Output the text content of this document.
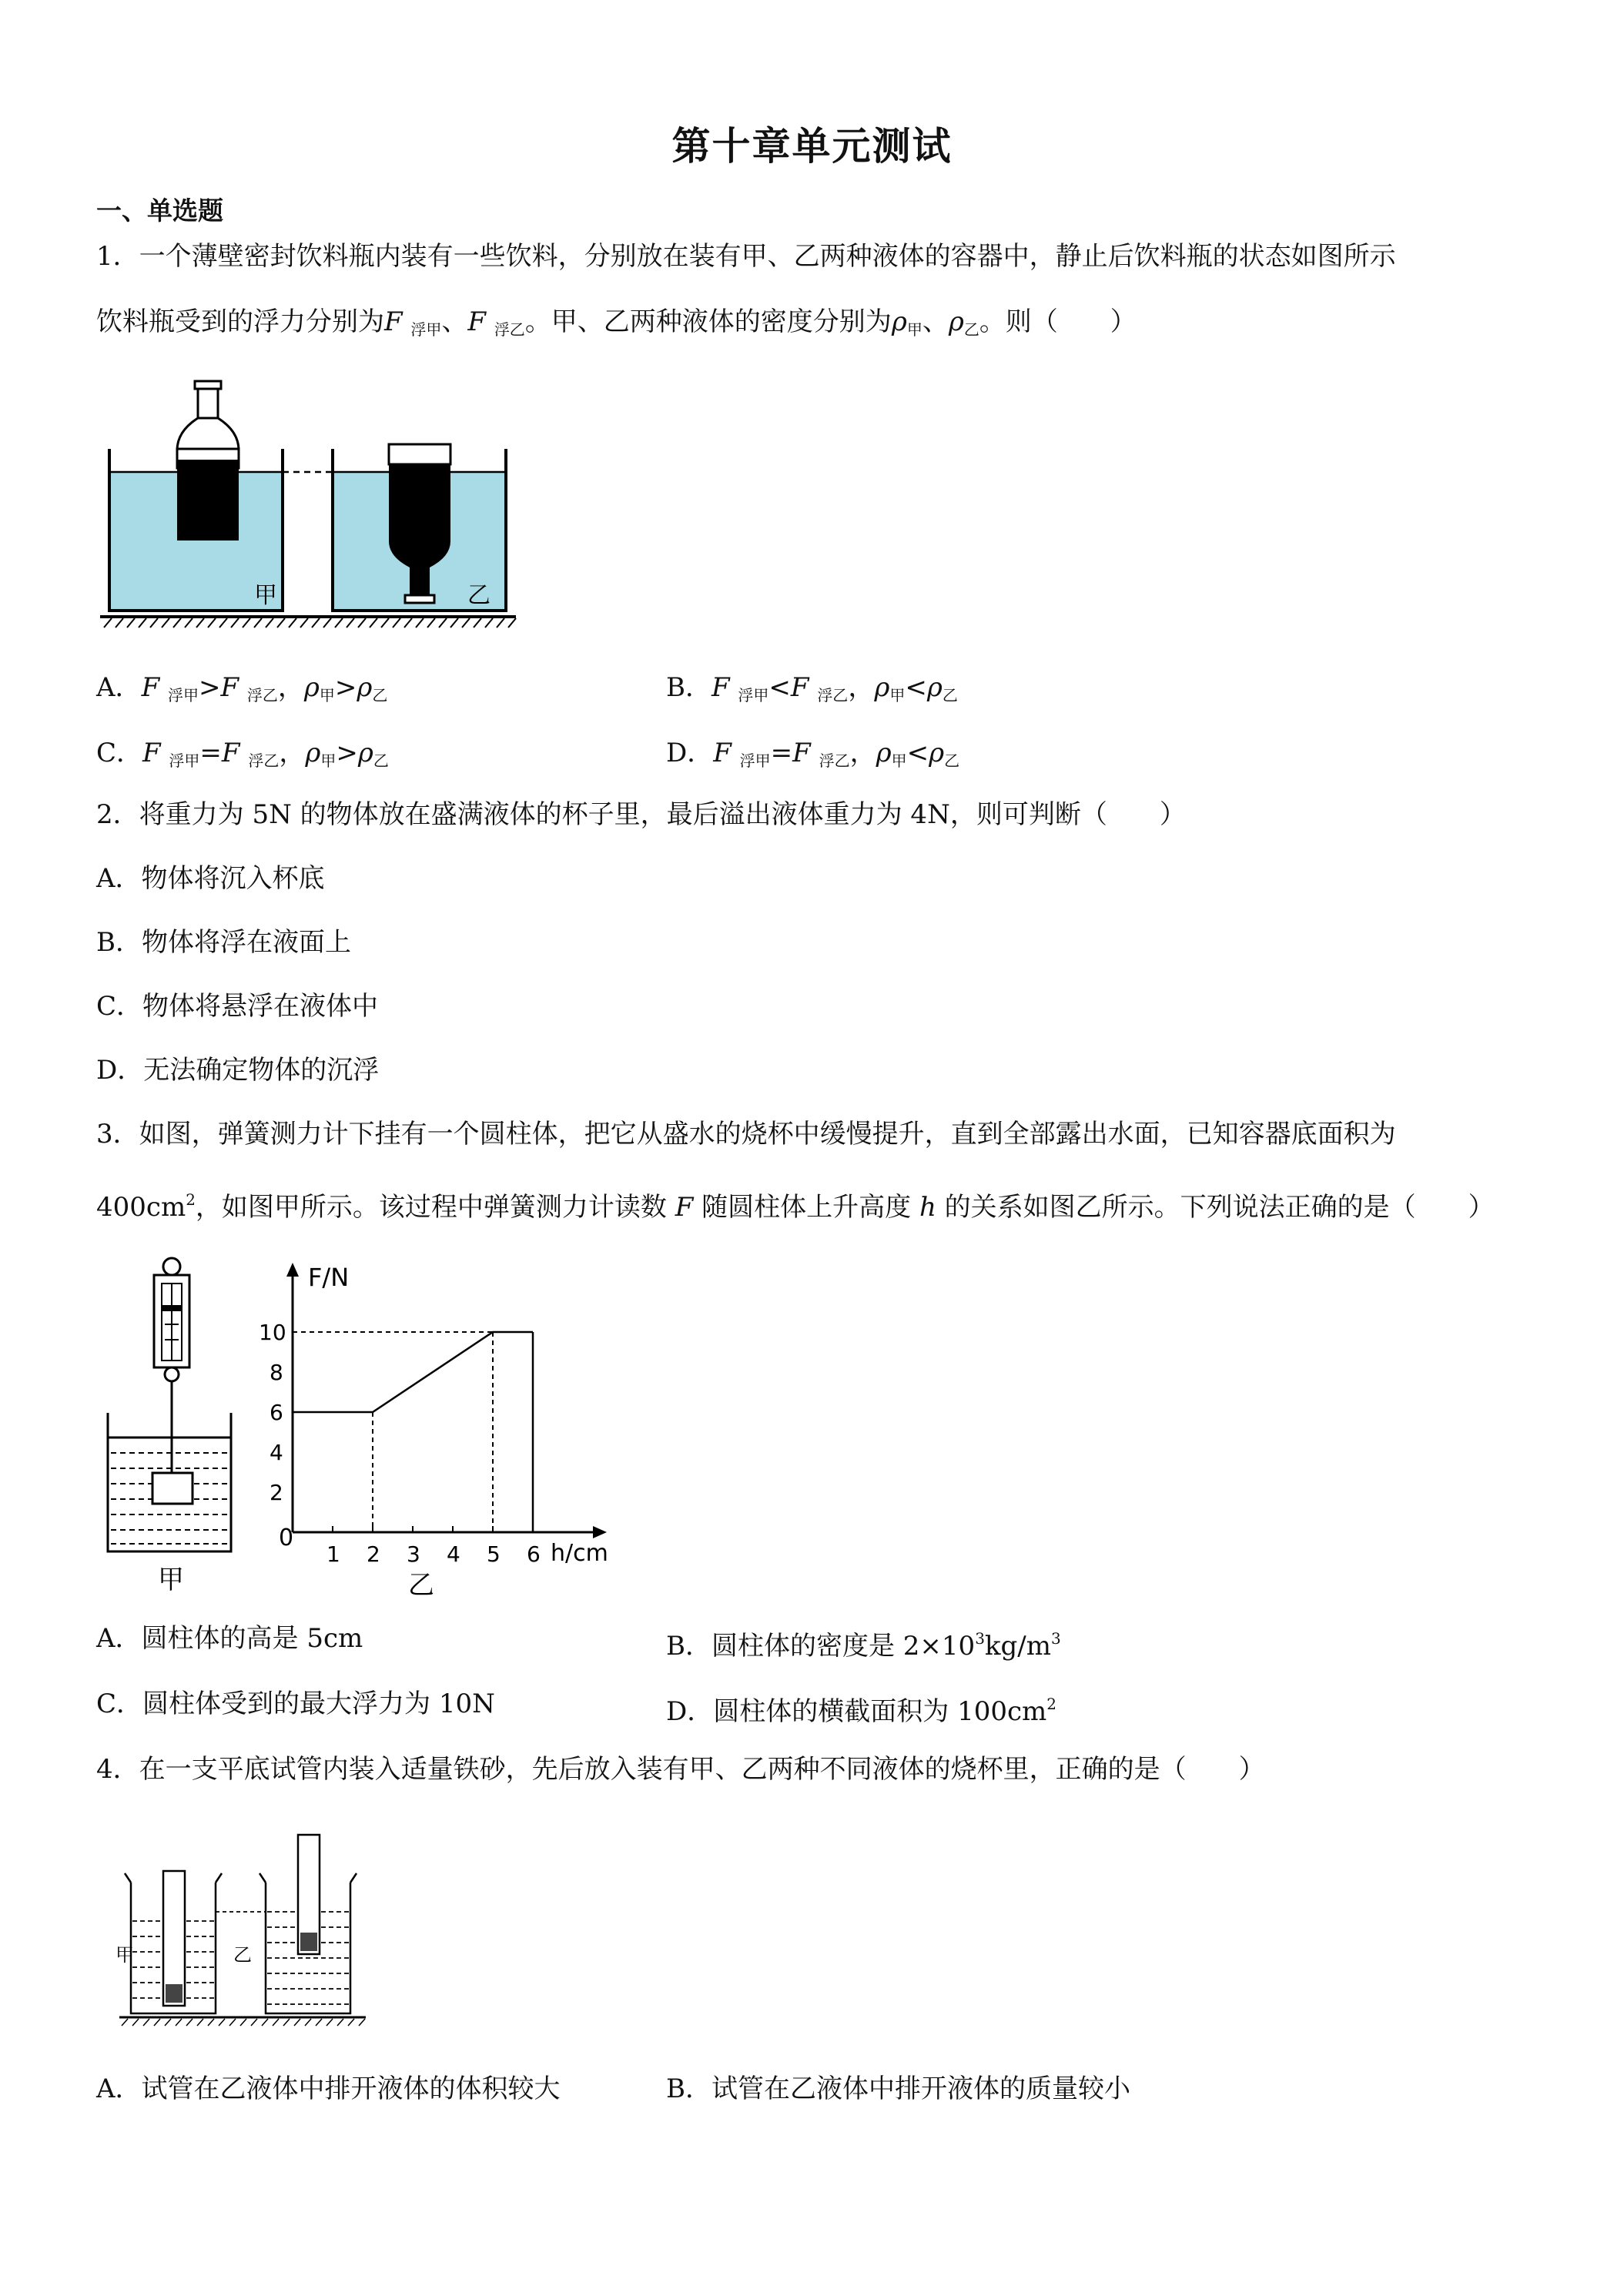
第十章单元测试
一、单选题
1．一个薄壁密封饮料瓶内装有一些饮料，分别放在装有甲、乙两种液体的容器中，静止后饮料瓶的状态如图所示
饮料瓶受到的浮力分别为F $_{浮甲}$、F $_{浮乙}$。甲、乙两种液体的密度分别为$\rho_甲$、$\rho_乙$。则（　　）
甲	乙
A．F $_{浮甲}$>F $_{浮乙}$，$\rho_甲>\rho_乙$	B．F $_{浮甲}$<F $_{浮乙}$，$\rho_甲<\rho_乙$
C．F $_{浮甲}$=F $_{浮乙}$，$\rho_甲>\rho_乙$	D．F $_{浮甲}$=F $_{浮乙}$，$\rho_甲<\rho_乙$
2．将重力为 5N 的物体放在盛满液体的杯子里，最后溢出液体重力为 4N，则可判断（　　）
A．物体将沉入杯底
B．物体将浮在液面上
C．物体将悬浮在液体中
D．无法确定物体的沉浮
3．如图，弹簧测力计下挂有一个圆柱体，把它从盛水的烧杯中缓慢提升，直到全部露出水面，已知容器底面积为
$400cm^2$，如图甲所示。该过程中弹簧测力计读数 F 随圆柱体上升高度 h 的关系如图乙所示。下列说法正确的是（　　）
甲
F/N
h/cm
0
1 2 3 4 5 6
2
4
6
8
10
乙
A．圆柱体的高是 5cm	B．圆柱体的密度是 $2\times 10^3kg/m^3$
C．圆柱体受到的最大浮力为 10N	D．圆柱体的横截面积为 $100cm^2$
4．在一支平底试管内装入适量铁砂，先后放入装有甲、乙两种不同液体的烧杯里，正确的是（　　）
甲	乙
A．试管在乙液体中排开液体的体积较大	B．试管在乙液体中排开液体的质量较小
